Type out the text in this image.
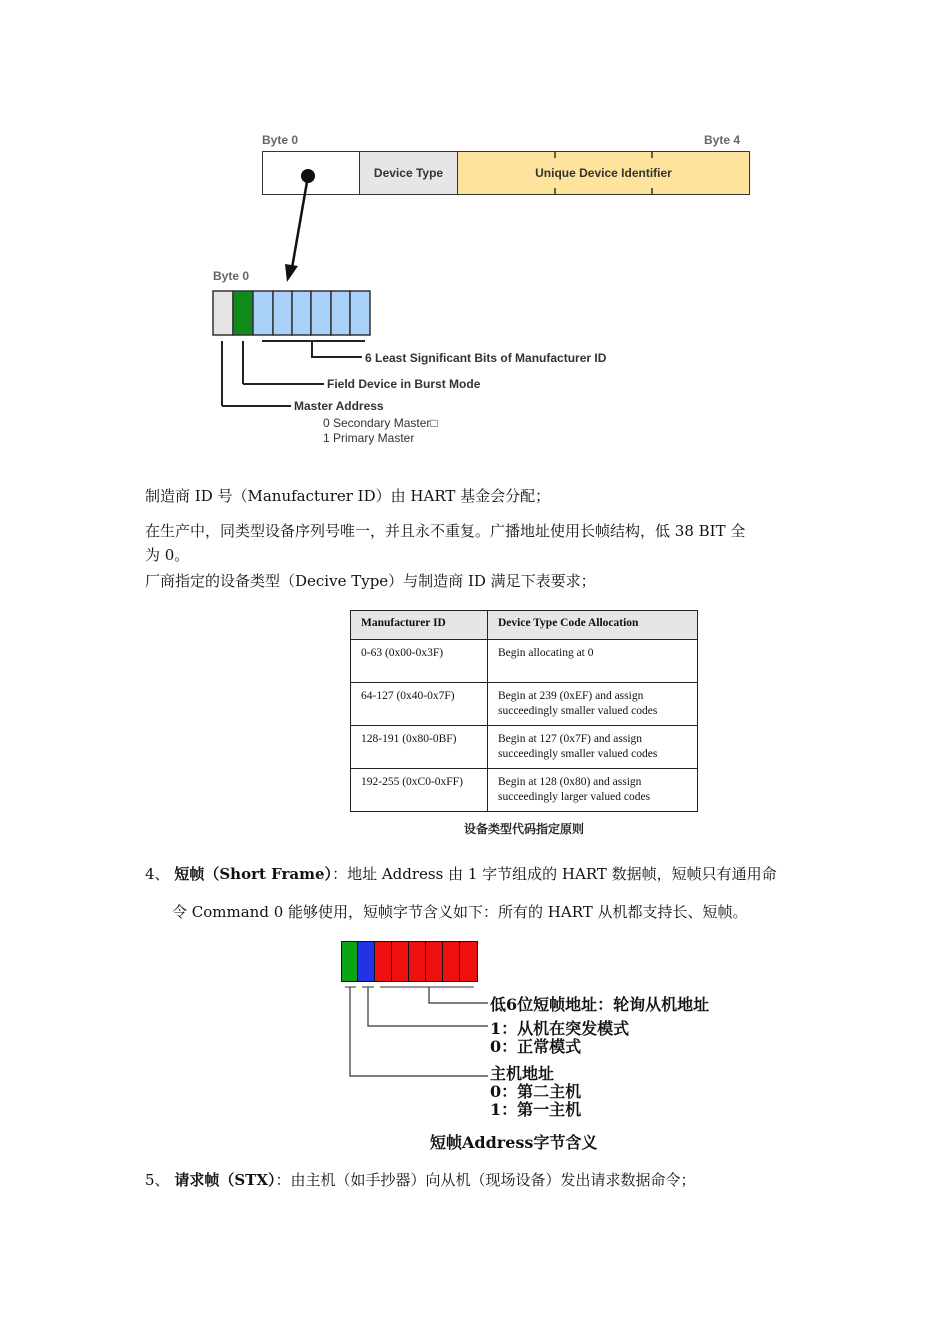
Byte 0	Byte 4
Device Type	Unique Device Identifier
Byte 0
6 Least Significant Bits of Manufacturer ID
Field Device in Burst Mode
Master Address
0 Secondary Master□
1 Primary Master
制造商 ID 号（Manufacturer ID）由 HART 基金会分配；
在生产中，同类型设备序列号唯一，并且永不重复。广播地址使用长帧结构，低 38 BIT 全
为 0。
厂商指定的设备类型（Decive Type）与制造商 ID 满足下表要求；
Manufacturer ID	Device Type Code Allocation
0-63 (0x00-0x3F)	Begin allocating at 0

64-127 (0x40-0x7F)	Begin at 239 (0xEF) and assign
succeedingly smaller valued codes
128-191 (0x80-0BF)	Begin at 127 (0x7F) and assign
succeedingly smaller valued codes
192-255 (0xC0-0xFF)	Begin at 128 (0x80) and assign
succeedingly larger valued codes
设备类型代码指定原则
4、 短帧（Short Frame）：地址 Address 由 1 字节组成的 HART 数据帧，短帧只有通用命
令 Command 0 能够使用，短帧字节含义如下：所有的 HART 从机都支持长、短帧。
低6位短帧地址：轮询从机地址
1：从机在突发模式
0：正常模式
主机地址
0：第二主机
1：第一主机
短帧Address字节含义
5、 请求帧（STX）：由主机（如手抄器）向从机（现场设备）发出请求数据命令；
